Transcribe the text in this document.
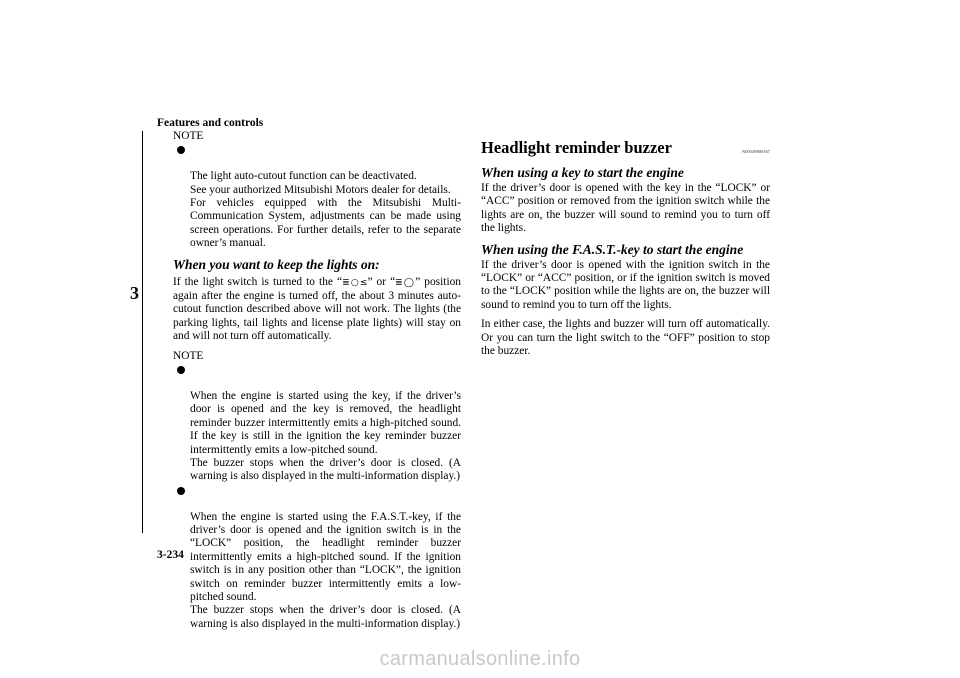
Features and controls
3
3-234

NOTE

The light auto-cutout function can be deactivated.
See your authorized Mitsubishi Motors dealer for details.
For vehicles equipped with the Mitsubishi Multi-Communication System, adjustments can be made using screen operations. For further details, refer to the separate owner’s manual.

When you want to keep the lights on:

If the light switch is turned to the “≣○≤” or “≣◯” position again after the engine is turned off, the about 3 minutes auto-cutout function described above will not work. The lights (the parking lights, tail lights and license plate lights) will stay on and will not turn off automatically.

NOTE

When the engine is started using the key, if the driver’s door is opened and the key is removed, the headlight reminder buzzer intermittently emits a high-pitched sound. If the key is still in the ignition the key reminder buzzer intermittently emits a low-pitched sound.
The buzzer stops when the driver’s door is closed. (A warning is also displayed in the multi-information display.)

When the engine is started using the F.A.S.T.-key, if the driver’s door is opened and the ignition switch is in the “LOCK” position, the headlight reminder buzzer intermittently emits a high-pitched sound. If the ignition switch is in any position other than “LOCK”, the ignition switch on reminder buzzer intermittently emits a low-pitched sound.
The buzzer stops when the driver’s door is closed. (A warning is also displayed in the multi-information display.)

Headlight reminder buzzer	N00549800167

When using a key to start the engine

If the driver’s door is opened with the key in the “LOCK” or “ACC” position or removed from the ignition switch while the lights are on, the buzzer will sound to remind you to turn off the lights.

When using the F.A.S.T.-key to start the engine

If the driver’s door is opened with the ignition switch in the “LOCK” or “ACC” position, or if the ignition switch is moved to the “LOCK” position while the lights are on, the buzzer will sound to remind you to turn off the lights.

In either case, the lights and buzzer will turn off automatically. Or you can turn the light switch to the “OFF” position to stop the buzzer.

carmanualsonline.info
